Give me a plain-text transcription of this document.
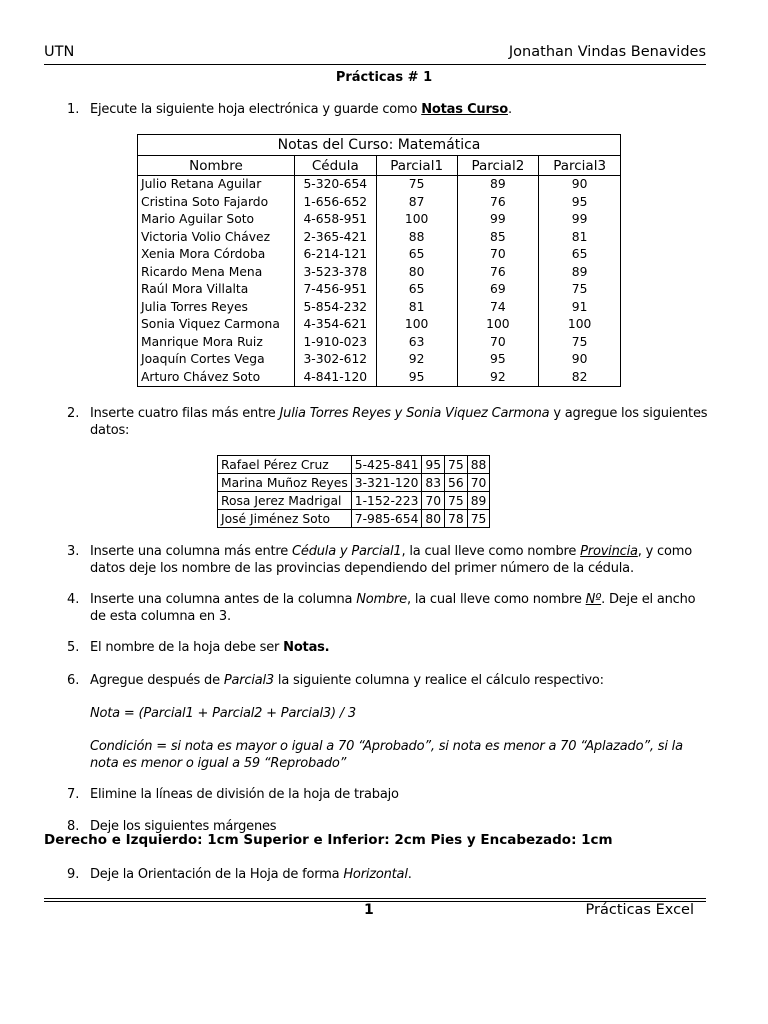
UTN	Jonathan Vindas Benavides
Prácticas # 1
1. Ejecute la siguiente hoja electrónica y guarde como Notas Curso.
Notas del Curso: Matemática
Nombre	Cédula	Parcial1	Parcial2	Parcial3
Julio Retana Aguilar	5-320-654	75	89	90
Cristina Soto Fajardo	1-656-652	87	76	95
Mario Aguilar Soto	4-658-951	100	99	99
Victoria Volio Chávez	2-365-421	88	85	81
Xenia Mora Córdoba	6-214-121	65	70	65
Ricardo Mena Mena	3-523-378	80	76	89
Raúl Mora Villalta	7-456-951	65	69	75
Julia Torres Reyes	5-854-232	81	74	91
Sonia Viquez Carmona	4-354-621	100	100	100
Manrique Mora Ruiz	1-910-023	63	70	75
Joaquín Cortes Vega	3-302-612	92	95	90
Arturo Chávez Soto	4-841-120	95	92	82
2. Inserte cuatro filas más entre Julia Torres Reyes y Sonia Viquez Carmona y agregue los siguientes datos:
Rafael Pérez Cruz	5-425-841	95	75	88
Marina Muñoz Reyes	3-321-120	83	56	70
Rosa Jerez Madrigal	1-152-223	70	75	89
José Jiménez Soto	7-985-654	80	78	75
3. Inserte una columna más entre Cédula y Parcial1, la cual lleve como nombre Provincia, y como datos deje los nombre de las provincias dependiendo del primer número de la cédula.
4. Inserte una columna antes de la columna Nombre, la cual lleve como nombre Nº. Deje el ancho de esta columna en 3.
5. El nombre de la hoja debe ser Notas.
6. Agregue después de Parcial3 la siguiente columna y realice el cálculo respectivo:
Nota = (Parcial1 + Parcial2 + Parcial3) / 3
Condición = si nota es mayor o igual a 70 “Aprobado”, si nota es menor a 70 “Aplazado”, si la nota es menor o igual a 59 “Reprobado”
7. Elimine la líneas de división de la hoja de trabajo
8. Deje los siguientes márgenes
Derecho e Izquierdo: 1cm Superior e Inferior: 2cm Pies y Encabezado: 1cm
9. Deje la Orientación de la Hoja de forma Horizontal.
1	Prácticas Excel
